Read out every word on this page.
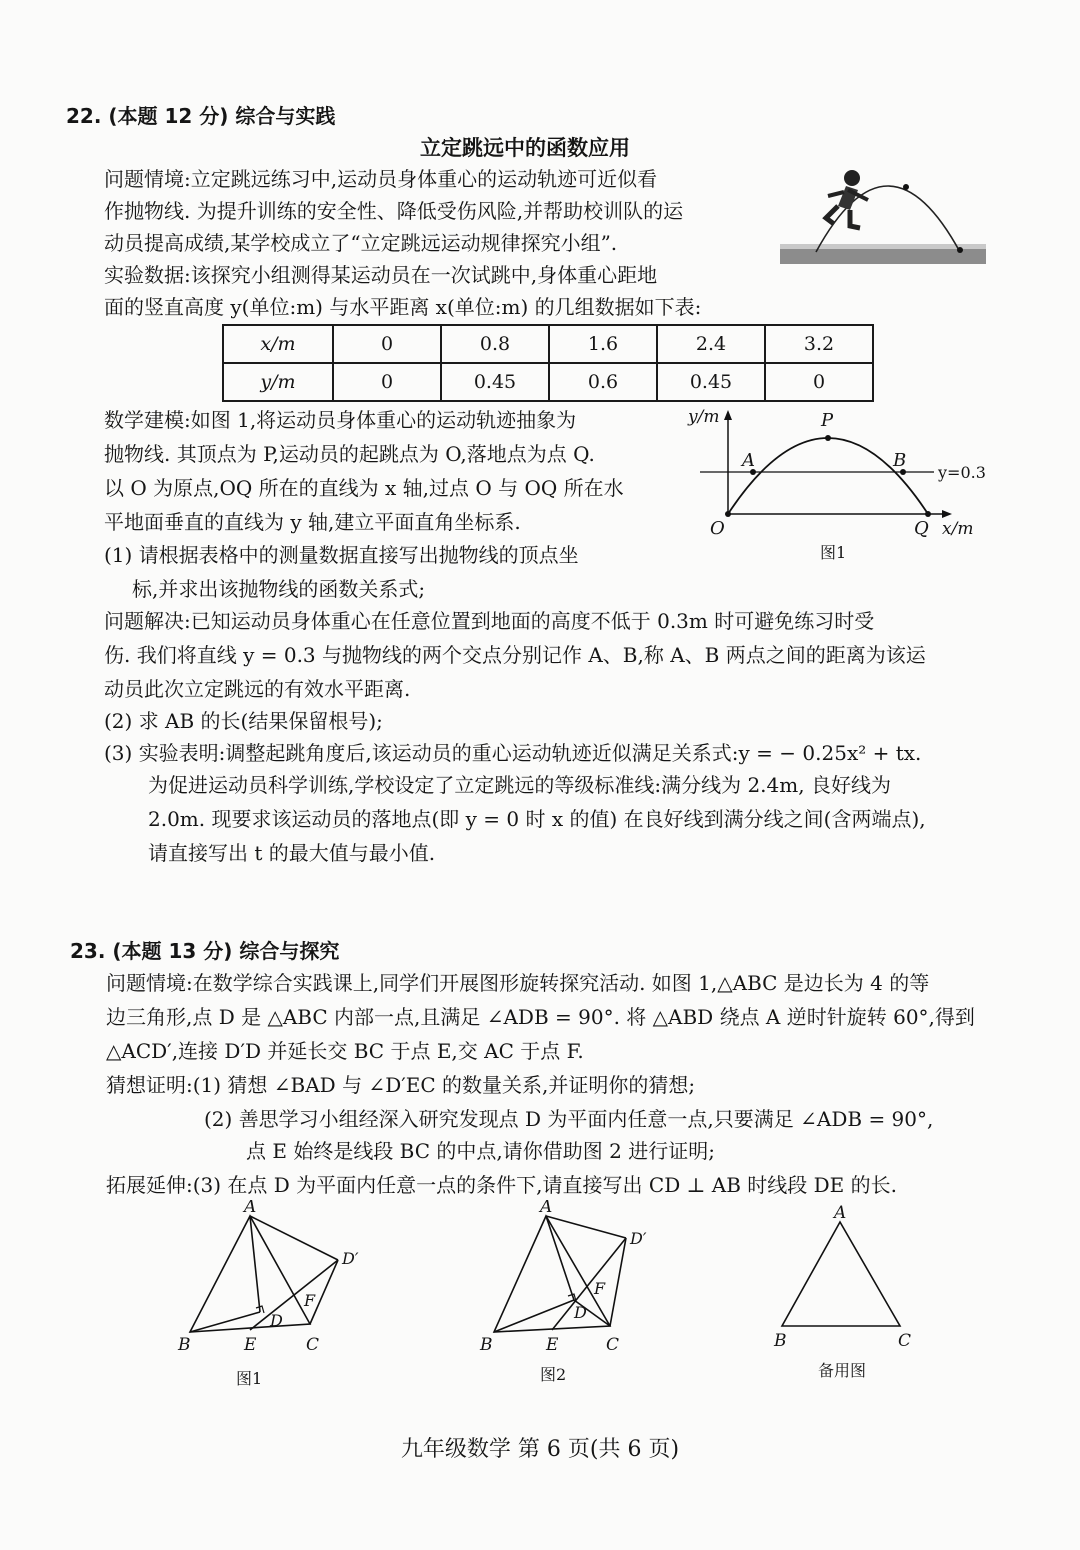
22. (本题 12 分) 综合与实践
立定跳远中的函数应用
问题情境:立定跳远练习中,运动员身体重心的运动轨迹可近似看
作抛物线. 为提升训练的安全性、降低受伤风险,并帮助校训队的运
动员提高成绩,某学校成立了“立定跳远运动规律探究小组”.
实验数据:该探究小组测得某运动员在一次试跳中,身体重心距地
面的竖直高度 y(单位:m) 与水平距离 x(单位:m) 的几组数据如下表:
x/m	0	0.8	1.6	2.4	3.2
y/m	0	0.45	0.6	0.45	0
数学建模:如图 1,将运动员身体重心的运动轨迹抽象为
抛物线. 其顶点为 P,运动员的起跳点为 O,落地点为点 Q.
以 O 为原点,OQ 所在的直线为 x 轴,过点 O 与 OQ 所在水
平地面垂直的直线为 y 轴,建立平面直角坐标系.
(1) 请根据表格中的测量数据直接写出抛物线的顶点坐
标,并求出该抛物线的函数关系式;
y/m
x/m
P
A	B
O	Q
y=0.3
图1
问题解决:已知运动员身体重心在任意位置到地面的高度不低于 0.3m 时可避免练习时受
伤. 我们将直线 y = 0.3 与抛物线的两个交点分别记作 A、B,称 A、B 两点之间的距离为该运
动员此次立定跳远的有效水平距离.
(2) 求 AB 的长(结果保留根号);
(3) 实验表明:调整起跳角度后,该运动员的重心运动轨迹近似满足关系式:y = − 0.25x² + tx.
为促进运动员科学训练,学校设定了立定跳远的等级标准线:满分线为 2.4m, 良好线为
2.0m. 现要求该运动员的落地点(即 y = 0 时 x 的值) 在良好线到满分线之间(含两端点),
请直接写出 t 的最大值与最小值.
23. (本题 13 分) 综合与探究
问题情境:在数学综合实践课上,同学们开展图形旋转探究活动. 如图 1,△ABC 是边长为 4 的等
边三角形,点 D 是 △ABC 内部一点,且满足 ∠ADB = 90°. 将 △ABD 绕点 A 逆时针旋转 60°,得到
△ACD′,连接 D′D 并延长交 BC 于点 E,交 AC 于点 F.
猜想证明:(1) 猜想 ∠BAD 与 ∠D′EC 的数量关系,并证明你的猜想;
(2) 善思学习小组经深入研究发现点 D 为平面内任意一点,只要满足 ∠ADB = 90°,
点 E 始终是线段 BC 的中点,请你借助图 2 进行证明;
拓展延伸:(3) 在点 D 为平面内任意一点的条件下,请直接写出 CD ⊥ AB 时线段 DE 的长.
A
B	C
D
D′
E
F
图1
A
B	C
D
D′
E
F
图2
A
B	C
备用图
九年级数学 第 6 页(共 6 页)
